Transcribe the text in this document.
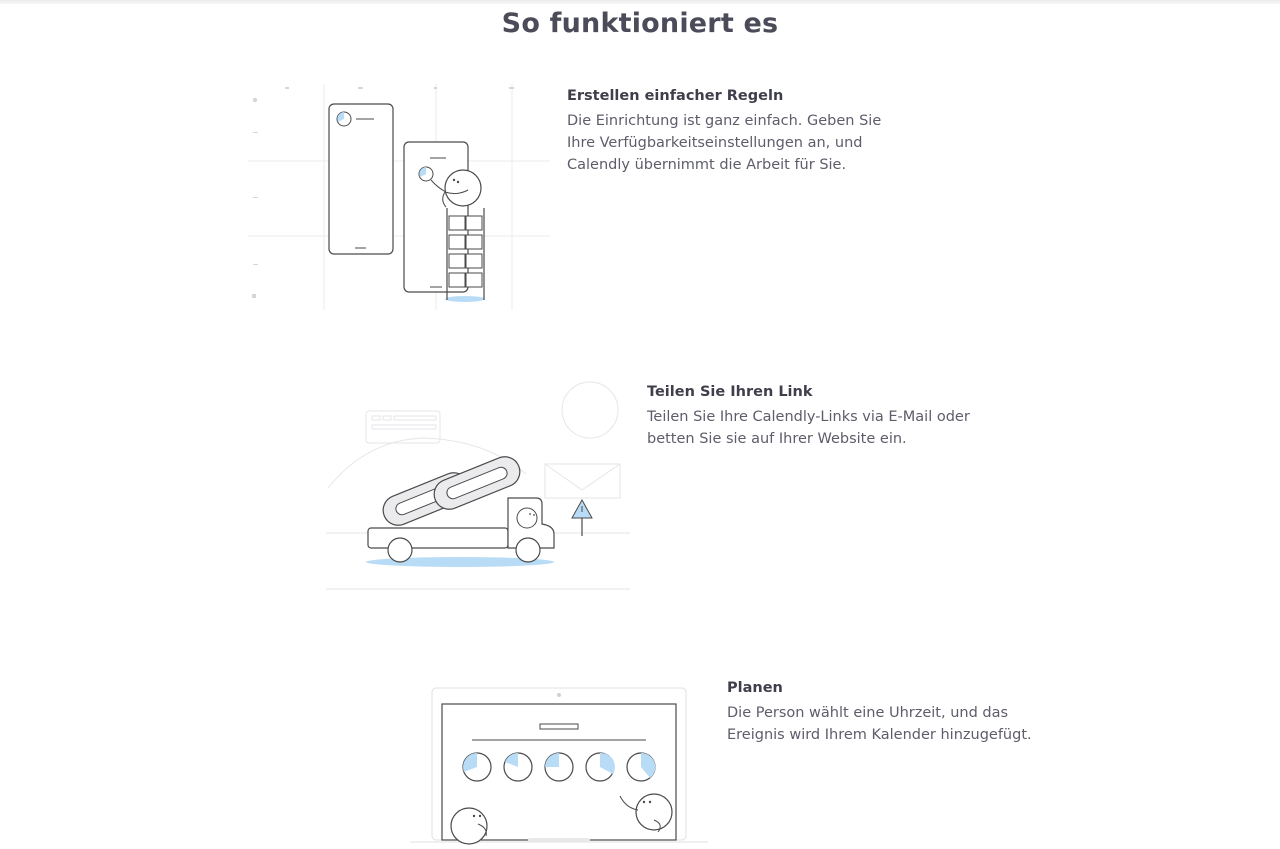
So funktioniert es
Erstellen einfacher Regeln

Die Einrichtung ist ganz einfach. Geben Sie Ihre Verfügbarkeitseinstellungen an, und Calendly übernimmt die Arbeit für Sie.

Teilen Sie Ihren Link

Teilen Sie Ihre Calendly-Links via E-Mail oder betten Sie sie auf Ihrer Website ein.

Planen

Die Person wählt eine Uhrzeit, und das Ereignis wird Ihrem Kalender hinzugefügt.
